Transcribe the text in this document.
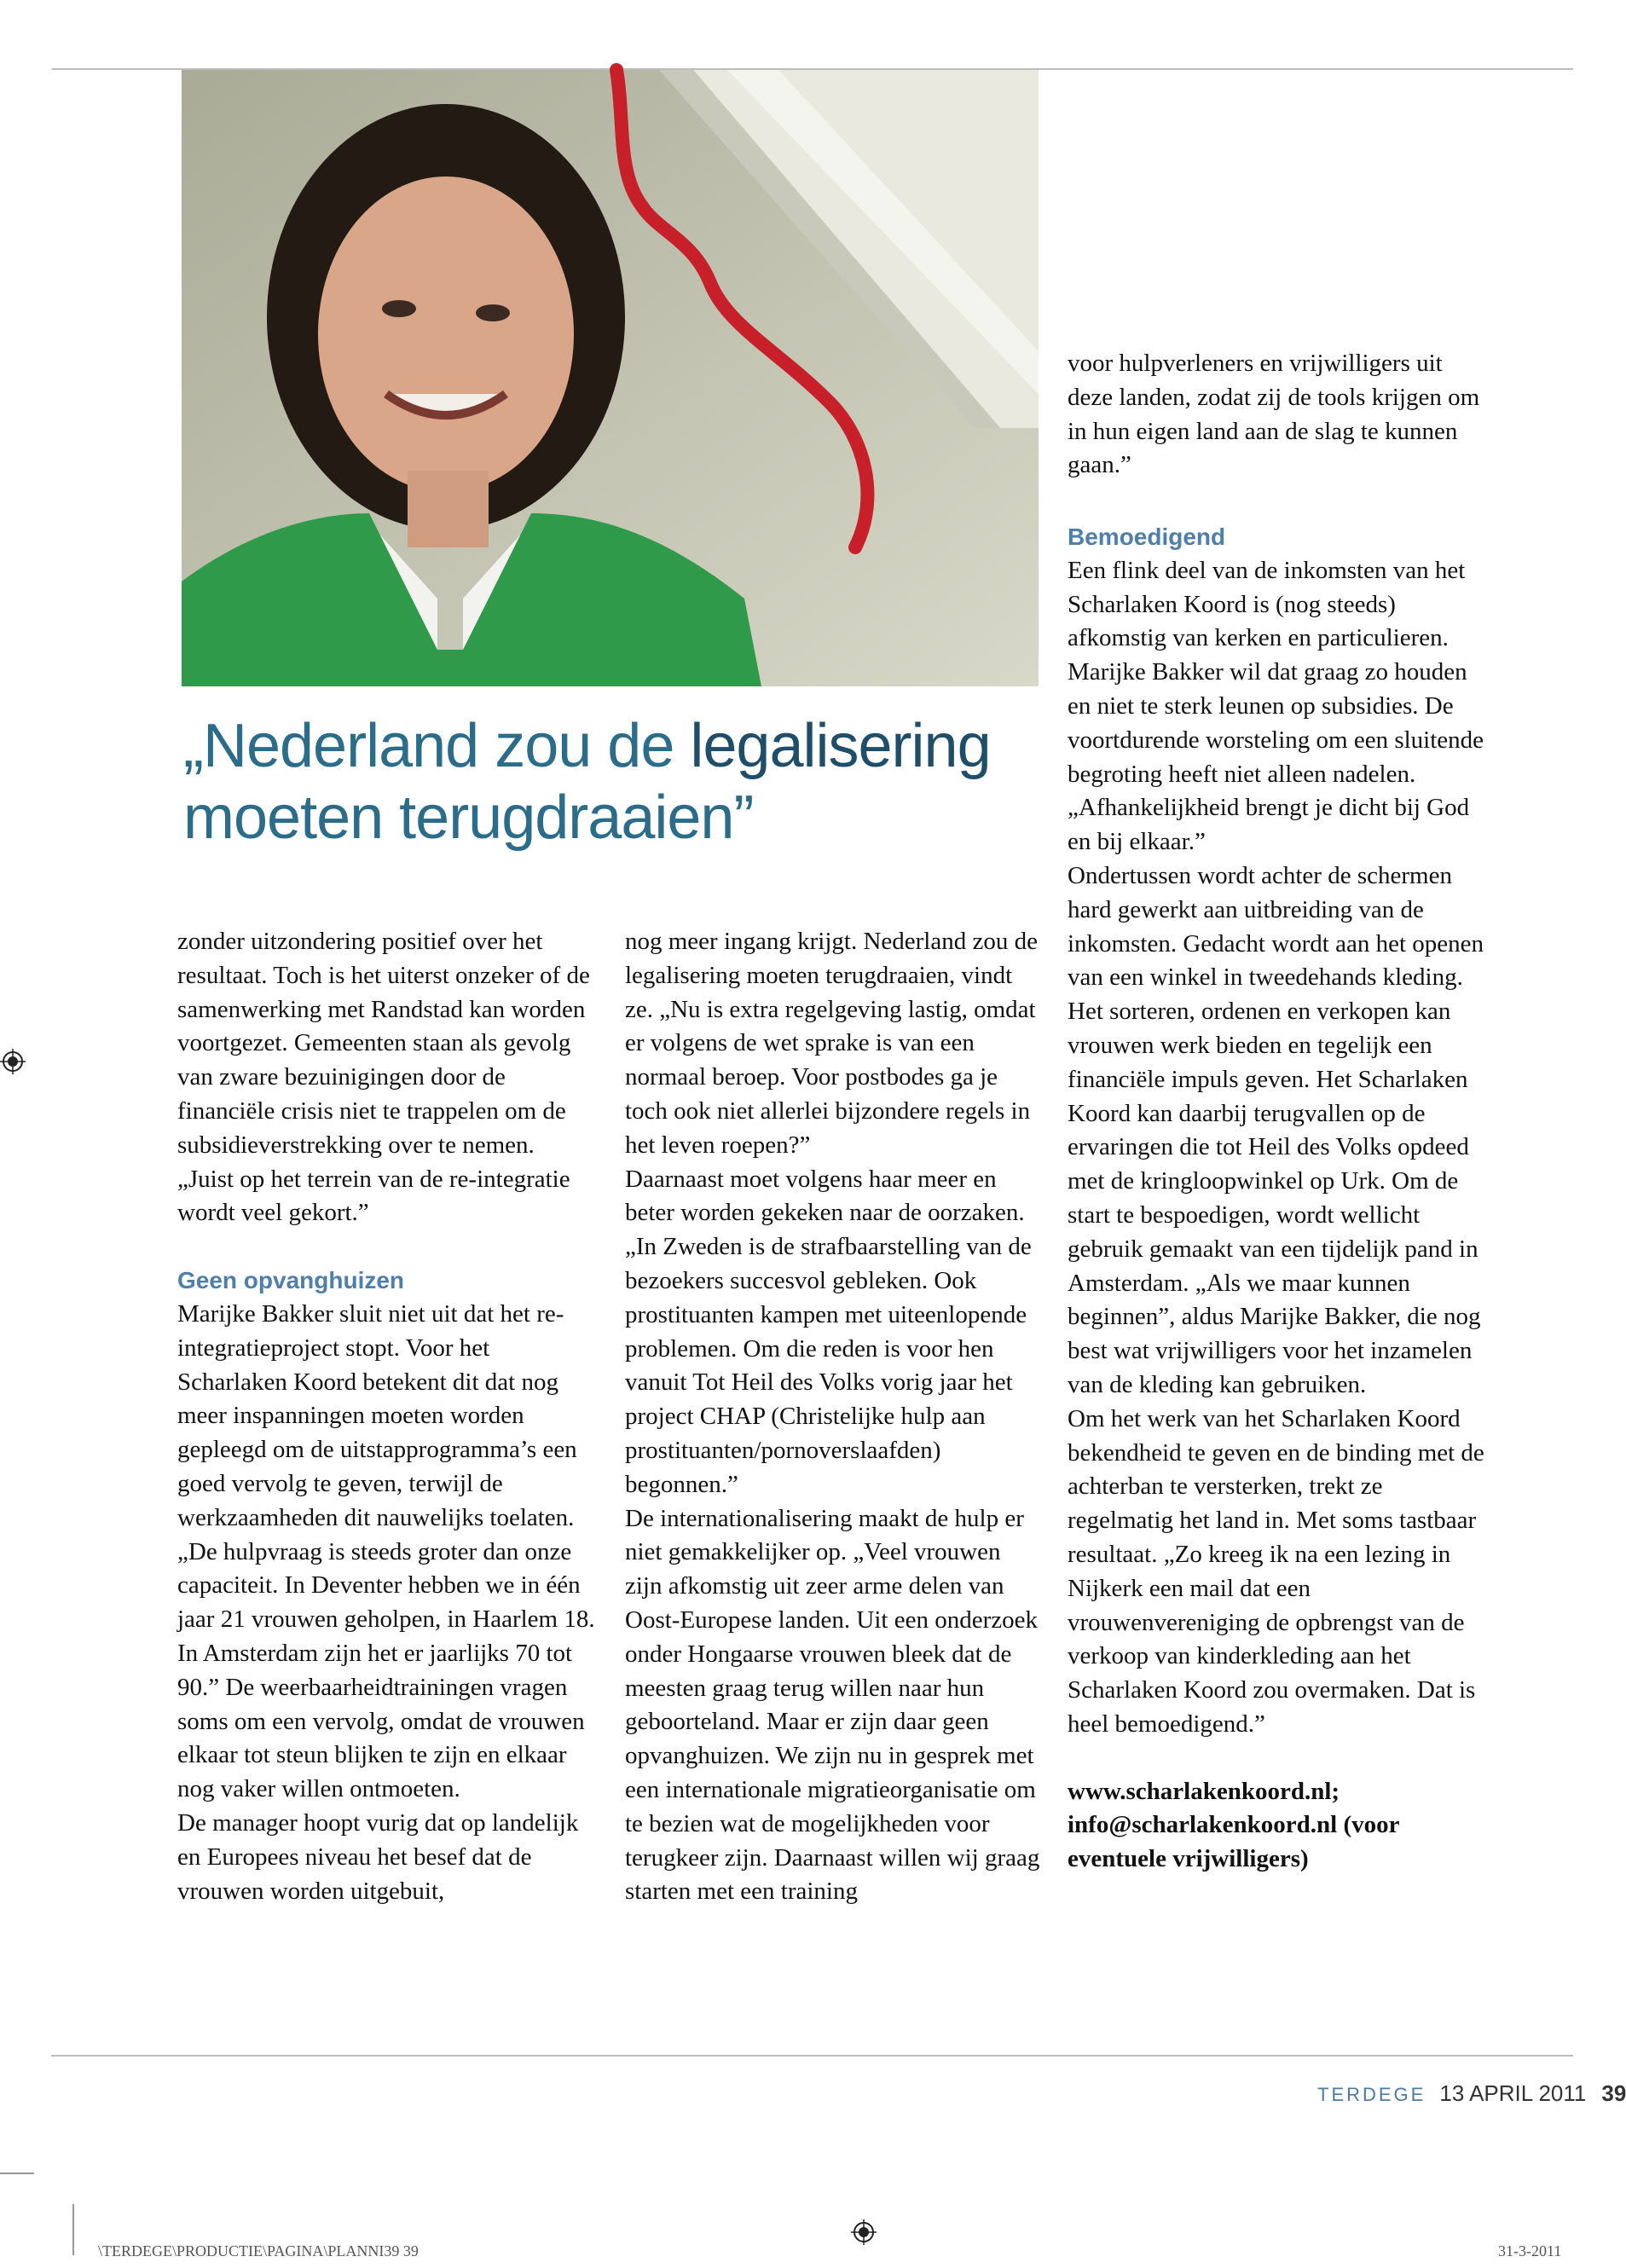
„Nederland zou de legalisering
moeten terugdraaien”

zonder uitzondering positief over het resultaat. Toch is het uiterst onzeker of de samenwerking met Randstad kan worden voortgezet. Gemeenten staan als gevolg van zware bezuinigingen door de financiële crisis niet te trappelen om de subsidieverstrekking over te nemen. „Juist op het terrein van de re-integratie wordt veel gekort.”

Geen opvanghuizen

Marijke Bakker sluit niet uit dat het re-integratieproject stopt. Voor het Scharlaken Koord betekent dit dat nog meer inspanningen moeten worden gepleegd om de uitstapprogramma’s een goed vervolg te geven, terwijl de werkzaamheden dit nauwelijks toelaten. „De hulpvraag is steeds groter dan onze capaciteit. In Deventer hebben we in één jaar 21 vrouwen geholpen, in Haarlem 18. In Amsterdam zijn het er jaarlijks 70 tot 90.” De weerbaarheidtrainingen vragen soms om een vervolg, omdat de vrouwen elkaar tot steun blijken te zijn en elkaar nog vaker willen ontmoeten.

De manager hoopt vurig dat op landelijk en Europees niveau het besef dat de vrouwen worden uitgebuit,

nog meer ingang krijgt. Nederland zou de legalisering moeten terugdraaien, vindt ze. „Nu is extra regelgeving lastig, omdat er volgens de wet sprake is van een normaal beroep. Voor postbodes ga je toch ook niet allerlei bijzondere regels in het leven roepen?”

Daarnaast moet volgens haar meer en beter worden gekeken naar de oorzaken. „In Zweden is de strafbaarstelling van de bezoekers succesvol gebleken. Ook prostituanten kampen met uiteenlopende problemen. Om die reden is voor hen vanuit Tot Heil des Volks vorig jaar het project CHAP (Christelijke hulp aan prostituanten/pornoverslaafden) begonnen.”

De internationalisering maakt de hulp er niet gemakkelijker op. „Veel vrouwen zijn afkomstig uit zeer arme delen van Oost-Europese landen. Uit een onderzoek onder Hongaarse vrouwen bleek dat de meesten graag terug willen naar hun geboorteland. Maar er zijn daar geen opvanghuizen. We zijn nu in gesprek met een internationale migratieorganisatie om te bezien wat de mogelijkheden voor terugkeer zijn. Daarnaast willen wij graag starten met een training

voor hulpverleners en vrijwilligers uit deze landen, zodat zij de tools krijgen om in hun eigen land aan de slag te kunnen gaan.”

Bemoedigend

Een flink deel van de inkomsten van het Scharlaken Koord is (nog steeds) afkomstig van kerken en particulieren. Marijke Bakker wil dat graag zo houden en niet te sterk leunen op subsidies. De voortdurende worsteling om een sluitende begroting heeft niet alleen nadelen. „Afhankelijkheid brengt je dicht bij God en bij elkaar.”

Ondertussen wordt achter de schermen hard gewerkt aan uitbreiding van de inkomsten. Gedacht wordt aan het openen van een winkel in tweedehands kleding. Het sorteren, ordenen en verkopen kan vrouwen werk bieden en tegelijk een financiële impuls geven. Het Scharlaken Koord kan daarbij terugvallen op de ervaringen die tot Heil des Volks opdeed met de kringloopwinkel op Urk. Om de start te bespoedigen, wordt wellicht gebruik gemaakt van een tijdelijk pand in Amsterdam. „Als we maar kunnen beginnen”, aldus Marijke Bakker, die nog best wat vrijwilligers voor het inzamelen van de kleding kan gebruiken.

Om het werk van het Scharlaken Koord bekendheid te geven en de binding met de achterban te versterken, trekt ze regelmatig het land in. Met soms tastbaar resultaat. „Zo kreeg ik na een lezing in Nijkerk een mail dat een vrouwenvereniging de opbrengst van de verkoop van kinderkleding aan het Scharlaken Koord zou overmaken. Dat is heel bemoedigend.”

www.scharlakenkoord.nl; info@scharlakenkoord.nl (voor eventuele vrijwilligers)

TERDEGE 13 APRIL 2011 39
\TERDEGE\PRODUCTIE\PAGINA\PLANNI39 39	31-3-2011
